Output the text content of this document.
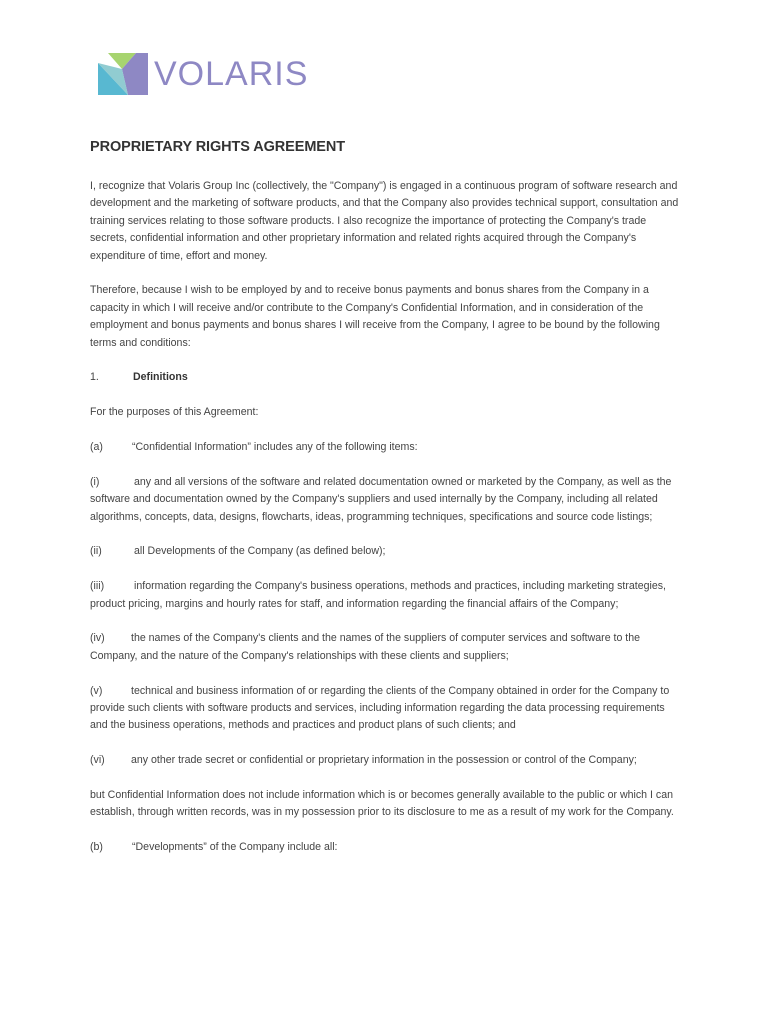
VOLARIS
PROPRIETARY RIGHTS AGREEMENT

I, recognize that Volaris Group Inc (collectively, the "Company") is engaged in a continuous program of software research and development and the marketing of software products, and that the Company also provides technical support, consultation and training services relating to those software products. I also recognize the importance of protecting the Company's trade secrets, confidential information and other proprietary information and related rights acquired through the Company's expenditure of time, effort and money.

Therefore, because I wish to be employed by and to receive bonus payments and bonus shares from the Company in a capacity in which I will receive and/or contribute to the Company's Confidential Information, and in consideration of the employment and bonus payments and bonus shares I will receive from the Company, I agree to be bound by the following terms and conditions:

1.	Definitions

For the purposes of this Agreement:

(a)	“Confidential Information” includes any of the following items:

(i)	any and all versions of the software and related documentation owned or marketed by the Company, as well as the software and documentation owned by the Company's suppliers and used internally by the Company, including all related algorithms, concepts, data, designs, flowcharts, ideas, programming techniques, specifications and source code listings;

(ii)	all Developments of the Company (as defined below);

(iii)	information regarding the Company's business operations, methods and practices, including marketing strategies, product pricing, margins and hourly rates for staff, and information regarding the financial affairs of the Company;

(iv) the names of the Company's clients and the names of the suppliers of computer services and software to the Company, and the nature of the Company's relationships with these clients and suppliers;

(v)	technical and business information of or regarding the clients of the Company obtained in order for the Company to provide such clients with software products and services, including information regarding the data processing requirements and the business operations, methods and practices and product plans of such clients; and

(vi) any other trade secret or confidential or proprietary information in the possession or control of the Company;

but Confidential Information does not include information which is or becomes generally available to the public or which I can establish, through written records, was in my possession prior to its disclosure to me as a result of my work for the Company.

(b)	“Developments” of the Company include all:
